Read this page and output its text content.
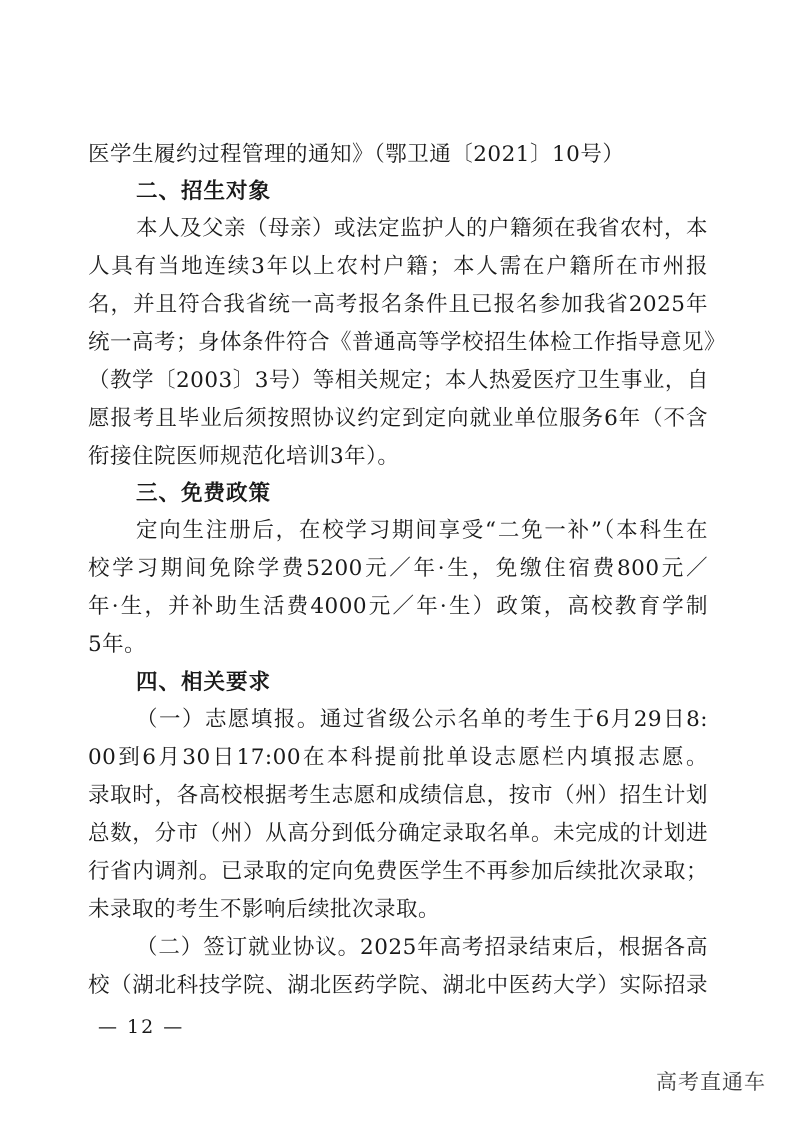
医学生履约过程管理的通知》（鄂卫通〔2021〕10号）
二、招生对象
本人及父亲（母亲）或法定监护人的户籍须在我省农村，本
人具有当地连续3年以上农村户籍；本人需在户籍所在市州报
名，并且符合我省统一高考报名条件且已报名参加我省2025年
统一高考；身体条件符合《普通高等学校招生体检工作指导意见》
（教学〔2003〕3号）等相关规定；本人热爱医疗卫生事业，自
愿报考且毕业后须按照协议约定到定向就业单位服务6年（不含
衔接住院医师规范化培训3年）。
三、免费政策
定向生注册后，在校学习期间享受“二免一补”（本科生在
校学习期间免除学费5200元／年·生，免缴住宿费800元／
年·生，并补助生活费4000元／年·生）政策，高校教育学制
5年。
四、相关要求
（一）志愿填报。通过省级公示名单的考生于6月29日8:
00到6月30日17:00在本科提前批单设志愿栏内填报志愿。
录取时，各高校根据考生志愿和成绩信息，按市（州）招生计划
总数，分市（州）从高分到低分确定录取名单。未完成的计划进
行省内调剂。已录取的定向免费医学生不再参加后续批次录取；
未录取的考生不影响后续批次录取。
（二）签订就业协议。2025年高考招录结束后，根据各高
校（湖北科技学院、湖北医药学院、湖北中医药大学）实际招录
— 12 —
高考直通车
